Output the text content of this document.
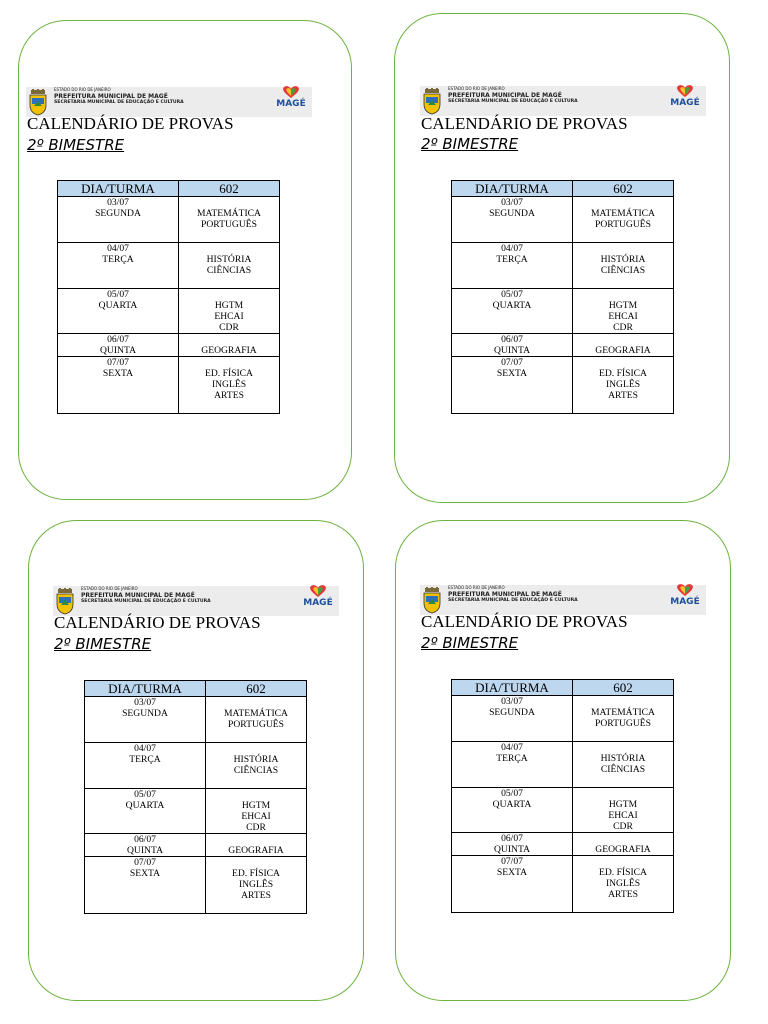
ESTADO DO RIO DE JANEIRO
PREFEITURA MUNICIPAL DE MAGÉ
SECRETARIA MUNICIPAL DE EDUCAÇÃO E CULTURA	MAGÉ
CALENDÁRIO DE PROVAS
2º BIMESTRE
DIA/TURMA	602

03/07
SEGUNDA	MATEMÁTICA
PORTUGUÊS

04/07
TERÇA	HISTÓRIA
CIÊNCIAS

05/07
QUARTA	HGTM
EHCAI
CDR

06/07
QUINTA	GEOGRAFIA

07/07
SEXTA	ED. FÍSICA
INGLÊS
ARTES
ESTADO DO RIO DE JANEIRO
PREFEITURA MUNICIPAL DE MAGÉ
SECRETARIA MUNICIPAL DE EDUCAÇÃO E CULTURA	MAGÉ
CALENDÁRIO DE PROVAS
2º BIMESTRE
DIA/TURMA	602

03/07
SEGUNDA	MATEMÁTICA
PORTUGUÊS

04/07
TERÇA	HISTÓRIA
CIÊNCIAS

05/07
QUARTA	HGTM
EHCAI
CDR

06/07
QUINTA	GEOGRAFIA

07/07
SEXTA	ED. FÍSICA
INGLÊS
ARTES
ESTADO DO RIO DE JANEIRO
PREFEITURA MUNICIPAL DE MAGÉ
SECRETARIA MUNICIPAL DE EDUCAÇÃO E CULTURA	MAGÉ
CALENDÁRIO DE PROVAS
2º BIMESTRE
DIA/TURMA	602

03/07
SEGUNDA	MATEMÁTICA
PORTUGUÊS

04/07
TERÇA	HISTÓRIA
CIÊNCIAS

05/07
QUARTA	HGTM
EHCAI
CDR

06/07
QUINTA	GEOGRAFIA

07/07
SEXTA	ED. FÍSICA
INGLÊS
ARTES
ESTADO DO RIO DE JANEIRO
PREFEITURA MUNICIPAL DE MAGÉ
SECRETARIA MUNICIPAL DE EDUCAÇÃO E CULTURA	MAGÉ
CALENDÁRIO DE PROVAS
2º BIMESTRE
DIA/TURMA	602

03/07
SEGUNDA	MATEMÁTICA
PORTUGUÊS

04/07
TERÇA	HISTÓRIA
CIÊNCIAS

05/07
QUARTA	HGTM
EHCAI
CDR

06/07
QUINTA	GEOGRAFIA

07/07
SEXTA	ED. FÍSICA
INGLÊS
ARTES
